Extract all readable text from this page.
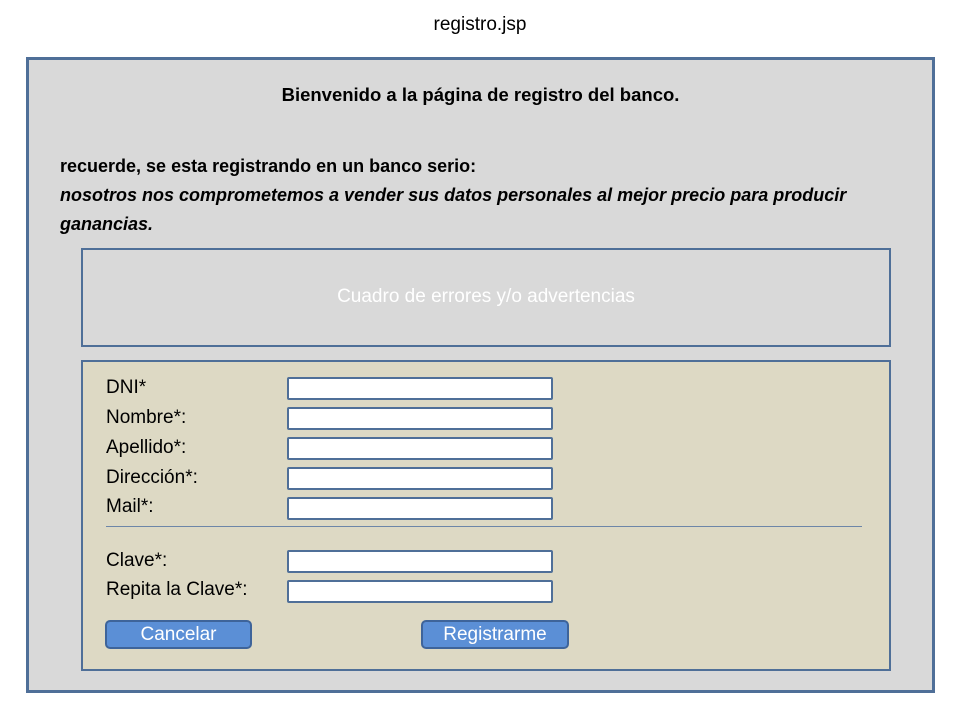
registro.jsp
Bienvenido a la página de registro del banco.
recuerde, se esta registrando en un banco serio:
nosotros nos comprometemos a vender sus datos personales al mejor precio para producir ganancias.
Cuadro de errores y/o advertencias
DNI*
Nombre*:
Apellido*:
Dirección*:
Mail*:
Clave*:
Repita la Clave*:
Cancelar	Registrarme
